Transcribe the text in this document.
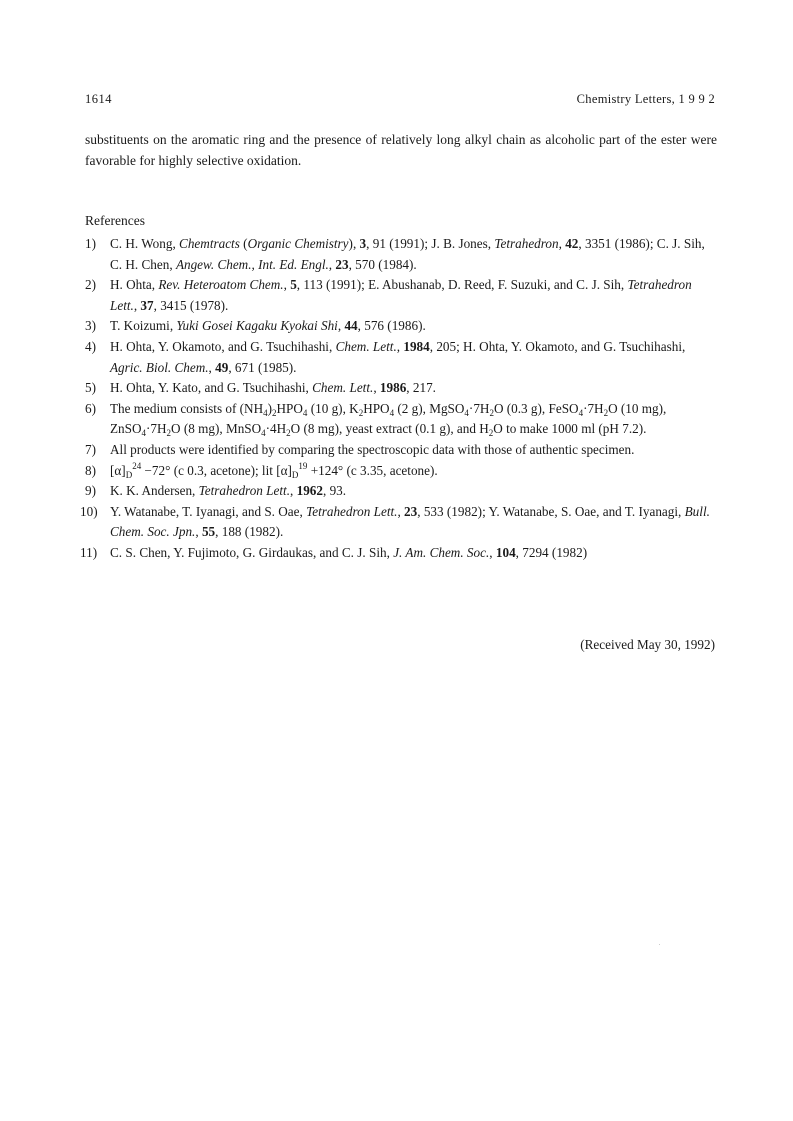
1614	Chemistry Letters, 1 9 9 2

substituents on the aromatic ring and the presence of relatively long alkyl chain as alcoholic part of the ester were favorable for highly selective oxidation.

References
1)	C. H. Wong, Chemtracts (Organic Chemistry), 3, 91 (1991); J. B. Jones, Tetrahedron, 42, 3351 (1986); C. J. Sih, C. H. Chen, Angew. Chem., Int. Ed. Engl., 23, 570 (1984).
2)	H. Ohta, Rev. Heteroatom Chem., 5, 113 (1991); E. Abushanab, D. Reed, F. Suzuki, and C. J. Sih, Tetrahedron Lett., 37, 3415 (1978).
3)	T. Koizumi, Yuki Gosei Kagaku Kyokai Shi, 44, 576 (1986).
4)	H. Ohta, Y. Okamoto, and G. Tsuchihashi, Chem. Lett., 1984, 205; H. Ohta, Y. Okamoto, and G. Tsuchihashi, Agric. Biol. Chem., 49, 671 (1985).
5)	H. Ohta, Y. Kato, and G. Tsuchihashi, Chem. Lett., 1986, 217.
6)	The medium consists of $(NH_4)_2HPO_4$ (10 g), $K_2HPO_4$ (2 g), $MgSO_4\cdot 7H_2O$ (0.3 g), $FeSO_4\cdot 7H_2O$ (10 mg), $ZnSO_4\cdot 7H_2O$ (8 mg), $MnSO_4\cdot 4H_2O$ (8 mg), yeast extract (0.1 g), and $H_2O$ to make 1000 ml (pH 7.2).
7)	All products were identified by comparing the spectroscopic data with those of authentic specimen.
8)	$[\alpha]_D^{24} -72^\circ$ (c 0.3, acetone); lit $[\alpha]_D^{19} +124^\circ$ (c 3.35, acetone).
9)	K. K. Andersen, Tetrahedron Lett., 1962, 93.
10) Y. Watanabe, T. Iyanagi, and S. Oae, Tetrahedron Lett., 23, 533 (1982); Y. Watanabe, S. Oae, and T. Iyanagi, Bull. Chem. Soc. Jpn., 55, 188 (1982).
11) C. S. Chen, Y. Fujimoto, G. Girdaukas, and C. J. Sih, J. Am. Chem. Soc., 104, 7294 (1982)
(Received May 30, 1992)
